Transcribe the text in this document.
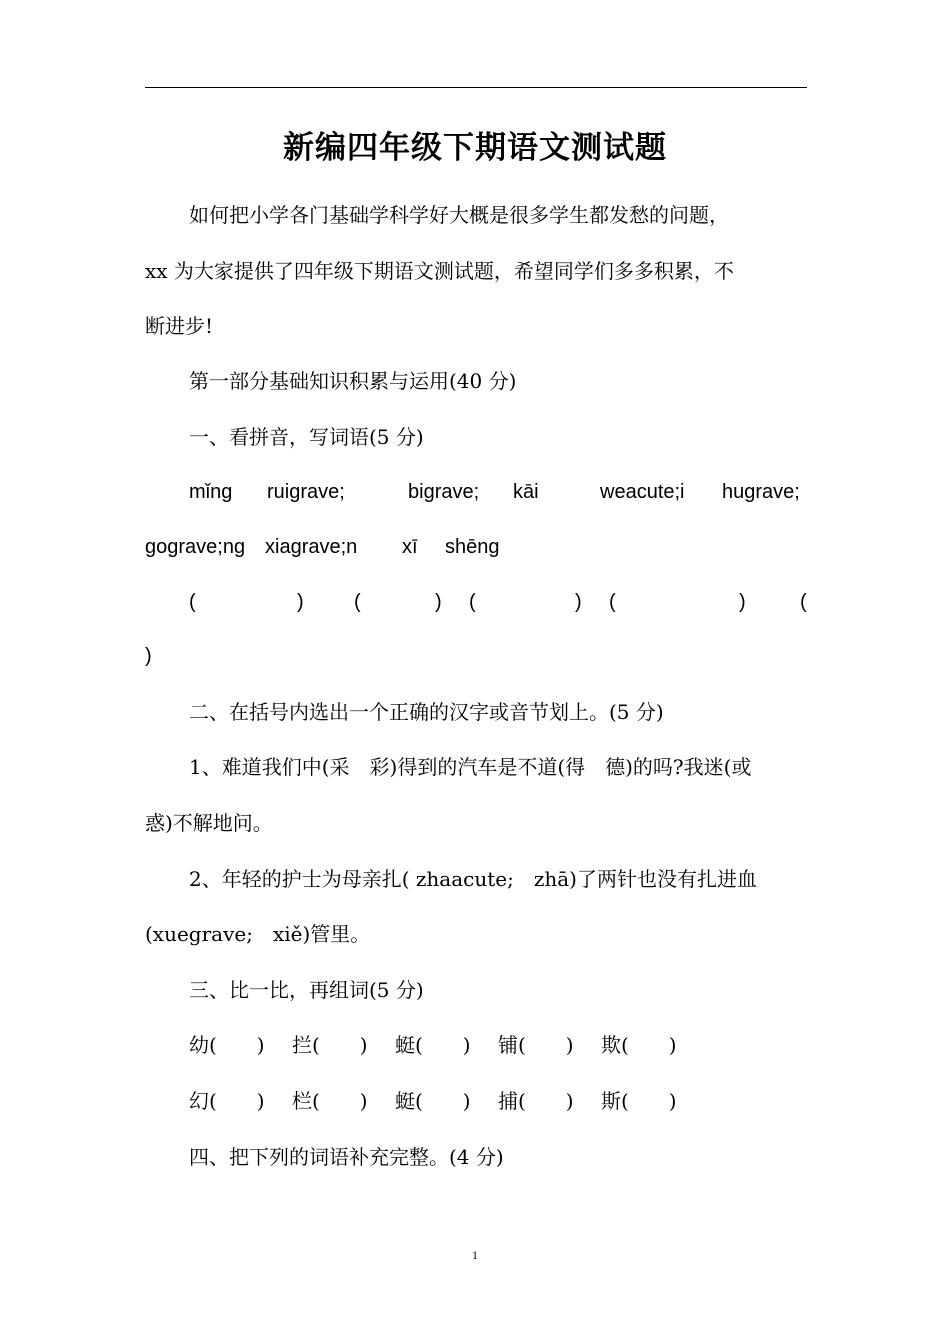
新编四年级下期语文测试题
如何把小学各门基础学科学好大概是很多学生都发愁的问题，
xx 为大家提供了四年级下期语文测试题，希望同学们多多积累，不
断进步!
第一部分基础知识积累与运用(40 分)
一、看拼音，写词语(5 分)
mǐng ruigrave;	bigrave; kāi	weacute;i hugrave;
gograve;ng xiagrave;n xī shēng
(	)	(	) (	) (	)	(
)
二、在括号内选出一个正确的汉字或音节划上。(5 分)
1、难道我们中(采　彩)得到的汽车是不道(得　德)的吗?我迷(或
惑)不解地问。
2、年轻的护士为母亲扎( zhaacute;　zhā)了两针也没有扎进血
(xuegrave;　xiě)管里。
三、比一比，再组词(5 分)
幼(　　) 拦(　　) 蜓(　　) 铺(　　) 欺(　　)
幻(　　) 栏(　　) 蜓(　　) 捕(　　) 斯(　　)
四、把下列的词语补充完整。(4 分)
1
